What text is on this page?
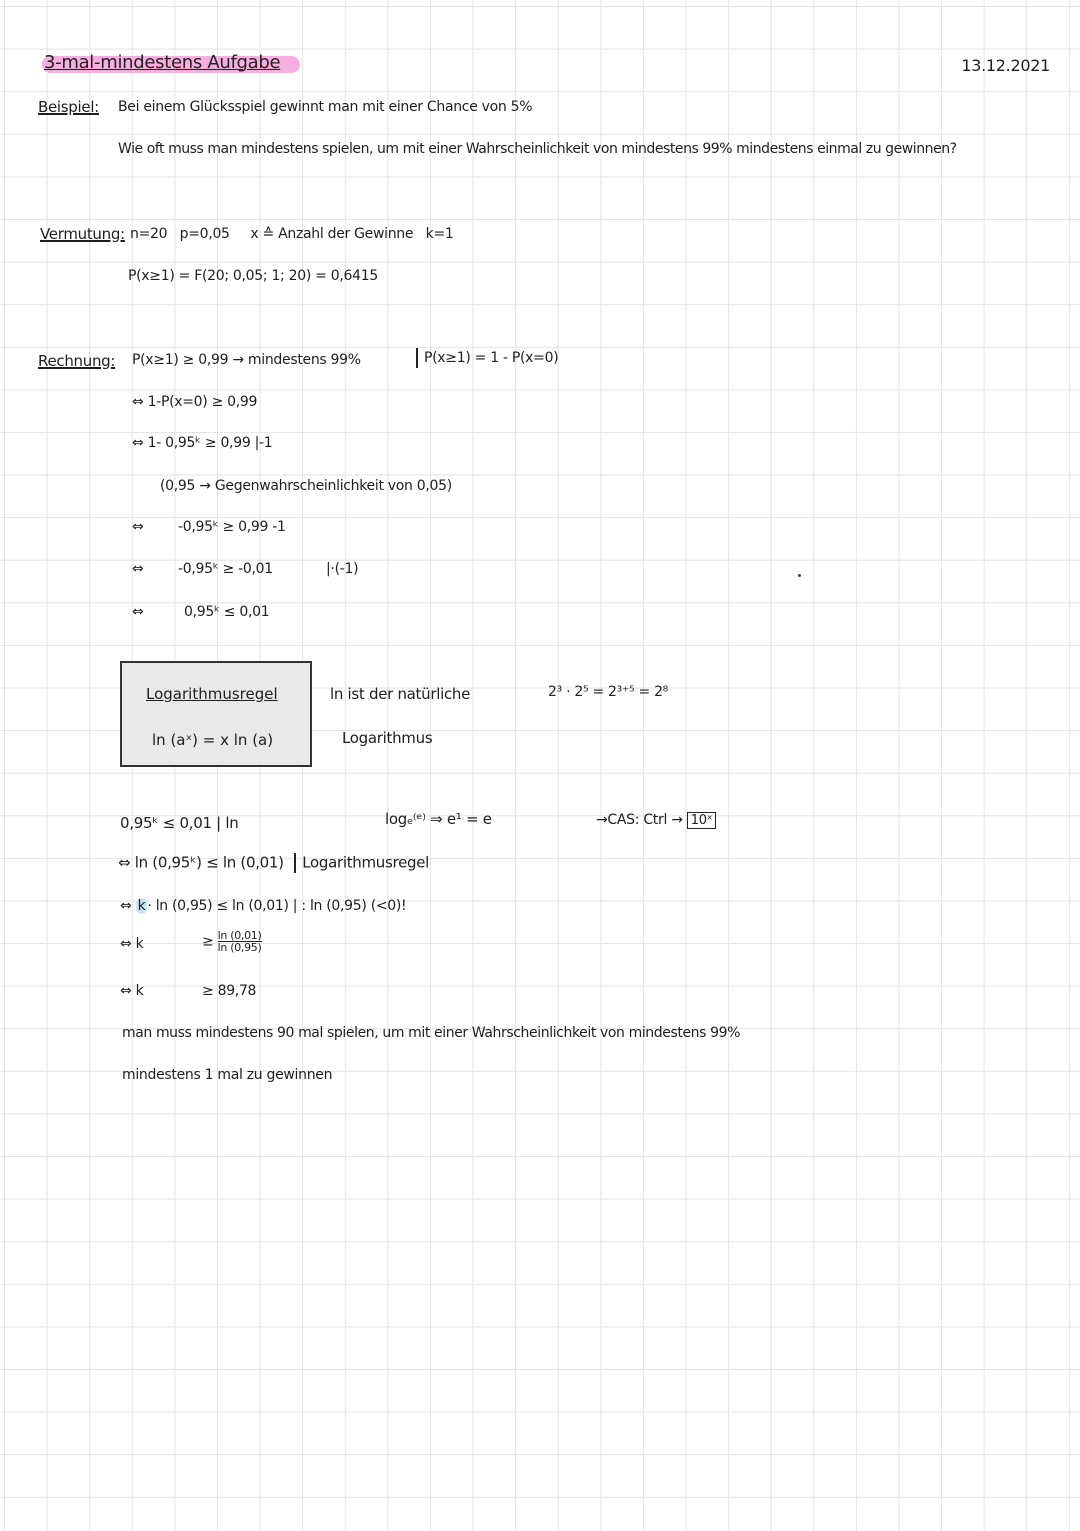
3-mal-mindestens Aufgabe	13.12.2021
Beispiel: Bei einem Glücksspiel gewinnt man mit einer Chance von 5%
Wie oft muss man mindestens spielen, um mit einer Wahrscheinlichkeit von mindestens 99% mindestens einmal zu gewinnen?
Vermutung: n=20   p=0,05     x ≙ Anzahl der Gewinne   k=1
P(x≥1) = F(20; 0,05; 1; 20) = 0,6415
Rechnung: P(x≥1) ≥ 0,99 → mindestens 99%	P(x≥1) = 1 - P(x=0)
⇔ 1-P(x=0) ≥ 0,99
⇔ 1- 0,95ᵏ ≥ 0,99 |-1
(0,95 → Gegenwahrscheinlichkeit von 0,05)
⇔ -0,95ᵏ ≥ 0,99 -1
⇔ -0,95ᵏ ≥ -0,01	|·(-1)
⇔	0,95ᵏ ≤ 0,01
Logarithmusregel
ln (aˣ) = x ln (a)
ln ist der natürliche
Logarithmus
2³ · 2⁵ = 2³⁺⁵ = 2⁸
0,95ᵏ ≤ 0,01 | ln	logₑ⁽ᵉ⁾ ⇒ e¹ = e	→CAS: Ctrl → 10ˣ
⇔ ln (0,95ᵏ) ≤ ln (0,01) Logarithmusregel
⇔ k · ln (0,95) ≤ ln (0,01) | : ln (0,95) (<0)!
⇔ k	≥ $\frac{\ln (0,01)}{\ln (0,95)}$
⇔ k	≥ 89,78
man muss mindestens 90 mal spielen, um mit einer Wahrscheinlichkeit von mindestens 99%
mindestens 1 mal zu gewinnen
